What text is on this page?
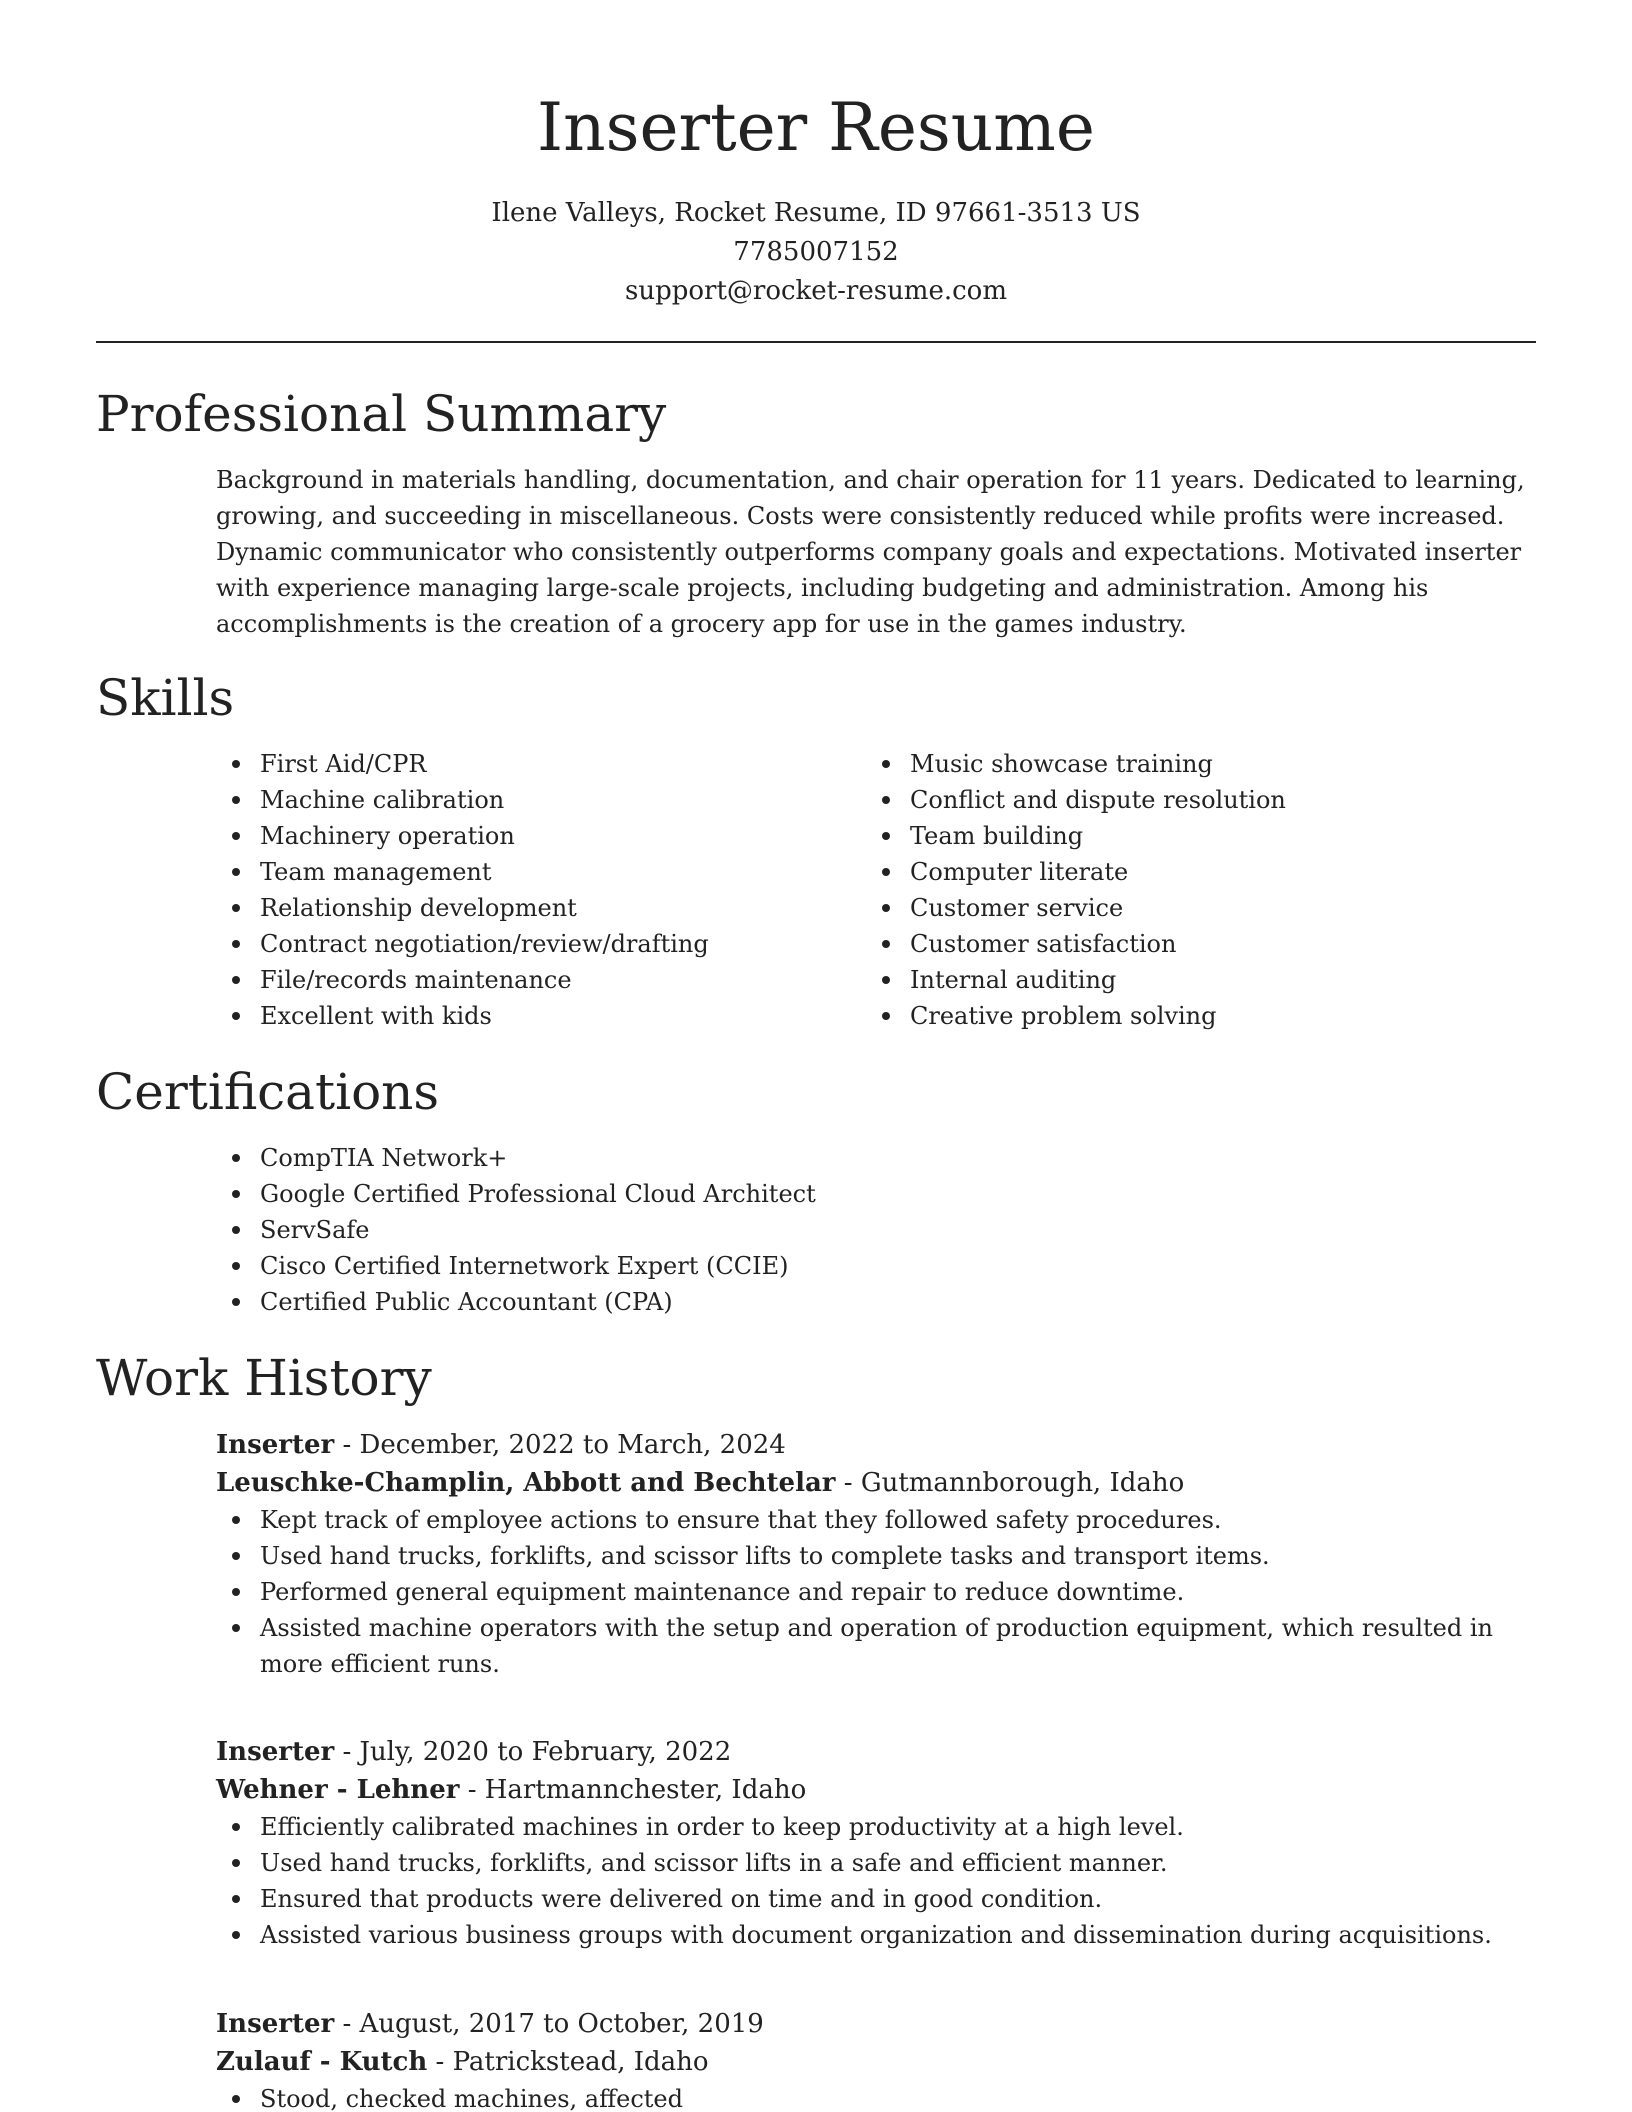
Inserter Resume
Ilene Valleys, Rocket Resume, ID 97661-3513 US
7785007152
support@rocket-resume.com
Professional Summary

Background in materials handling, documentation, and chair operation for 11 years. Dedicated to learning, growing, and succeeding in miscellaneous. Costs were consistently reduced while profits were increased. Dynamic communicator who consistently outperforms company goals and expectations. Motivated inserter with experience managing large-scale projects, including budgeting and administration. Among his accomplishments is the creation of a grocery app for use in the games industry.

Skills
First Aid/CPR
Machine calibration
Machinery operation
Team management
Relationship development
Contract negotiation/review/drafting
File/records maintenance
Excellent with kids
Music showcase training
Conflict and dispute resolution
Team building
Computer literate
Customer service
Customer satisfaction
Internal auditing
Creative problem solving
Certifications
CompTIA Network+
Google Certified Professional Cloud Architect
ServSafe
Cisco Certified Internetwork Expert (CCIE)
Certified Public Accountant (CPA)
Work History
Inserter - December, 2022 to March, 2024
Leuschke-Champlin, Abbott and Bechtelar - Gutmannborough, Idaho
Kept track of employee actions to ensure that they followed safety procedures.
Used hand trucks, forklifts, and scissor lifts to complete tasks and transport items.
Performed general equipment maintenance and repair to reduce downtime.
Assisted machine operators with the setup and operation of production equipment, which resulted in more efficient runs.
Inserter - July, 2020 to February, 2022
Wehner - Lehner - Hartmannchester, Idaho
Efficiently calibrated machines in order to keep productivity at a high level.
Used hand trucks, forklifts, and scissor lifts in a safe and efficient manner.
Ensured that products were delivered on time and in good condition.
Assisted various business groups with document organization and dissemination during acquisitions.
Inserter - August, 2017 to October, 2019
Zulauf - Kutch - Patrickstead, Idaho
Stood, checked machines, affected
